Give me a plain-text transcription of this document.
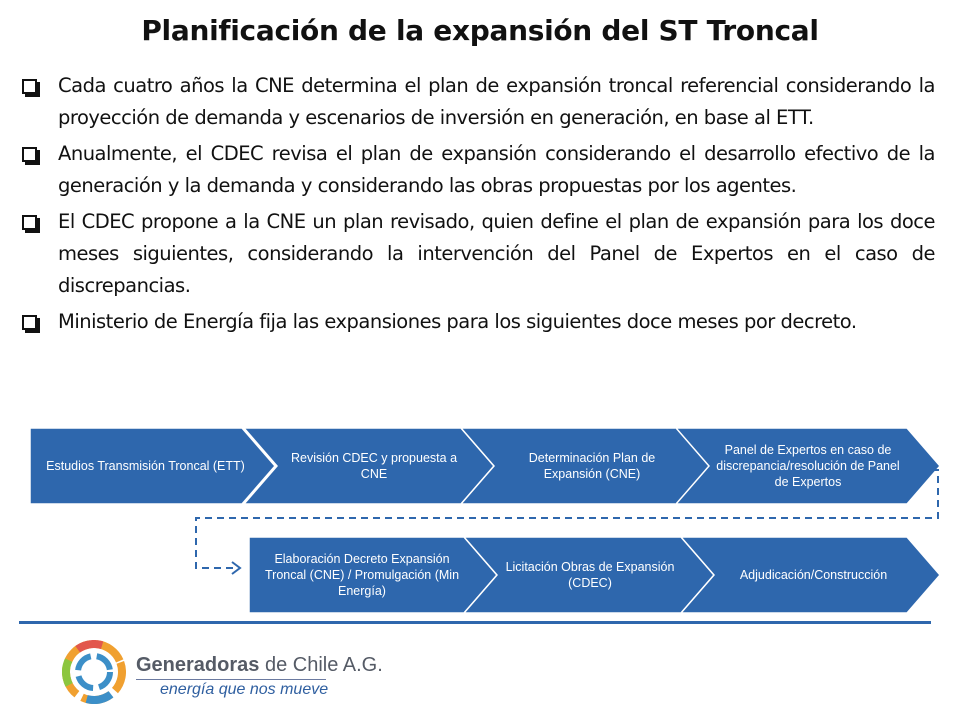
Planificación de la expansión del ST Troncal
Cada cuatro años la CNE determina el plan de expansión troncal referencial considerando la proyección de demanda y escenarios de inversión en generación, en base al ETT.
Anualmente, el CDEC revisa el plan de expansión considerando el desarrollo efectivo de la generación y la demanda y considerando las obras propuestas por los agentes.
El CDEC propone a la CNE un plan revisado, quien define el plan de expansión para los doce meses siguientes, considerando la intervención del Panel de Expertos en el caso de discrepancias.
Ministerio de Energía fija las expansiones para los siguientes doce meses por decreto.
Estudios Transmisión Troncal (ETT)
Revisión CDEC y propuesta a CNE
Determinación Plan de Expansión (CNE)
Panel de Expertos en caso de discrepancia/resolución de Panel de Expertos
Elaboración Decreto Expansión Troncal (CNE) / Promulgación (Min Energía)
Licitación Obras de Expansión (CDEC)
Adjudicación/Construcción
Generadoras de Chile A.G.
energía que nos mueve
